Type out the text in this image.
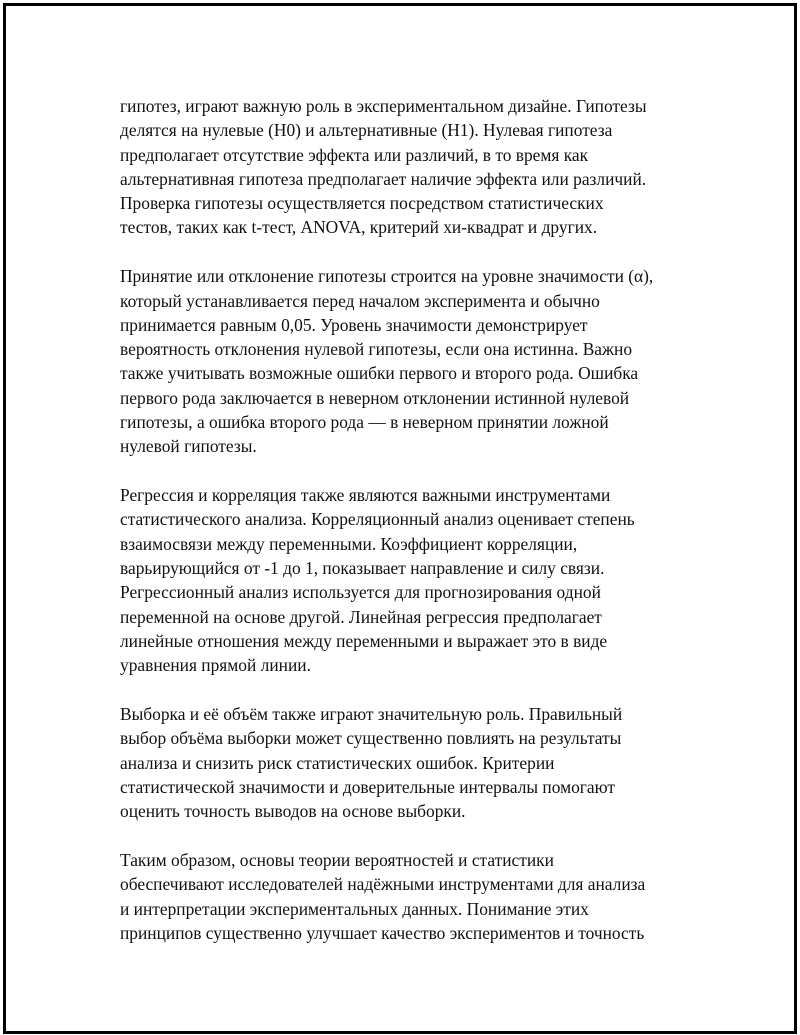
гипотез, играют важную роль в экспериментальном дизайне. Гипотезы
делятся на нулевые (H0) и альтернативные (H1). Нулевая гипотеза
предполагает отсутствие эффекта или различий, в то время как
альтернативная гипотеза предполагает наличие эффекта или различий.
Проверка гипотезы осуществляется посредством статистических
тестов, таких как t-тест, ANOVA, критерий хи-квадрат и других.

Принятие или отклонение гипотезы строится на уровне значимости (α),
который устанавливается перед началом эксперимента и обычно
принимается равным 0,05. Уровень значимости демонстрирует
вероятность отклонения нулевой гипотезы, если она истинна. Важно
также учитывать возможные ошибки первого и второго рода. Ошибка
первого рода заключается в неверном отклонении истинной нулевой
гипотезы, а ошибка второго рода — в неверном принятии ложной
нулевой гипотезы.

Регрессия и корреляция также являются важными инструментами
статистического анализа. Корреляционный анализ оценивает степень
взаимосвязи между переменными. Коэффициент корреляции,
варьирующийся от -1 до 1, показывает направление и силу связи.
Регрессионный анализ используется для прогнозирования одной
переменной на основе другой. Линейная регрессия предполагает
линейные отношения между переменными и выражает это в виде
уравнения прямой линии.

Выборка и её объём также играют значительную роль. Правильный
выбор объёма выборки может существенно повлиять на результаты
анализа и снизить риск статистических ошибок. Критерии
статистической значимости и доверительные интервалы помогают
оценить точность выводов на основе выборки.

Таким образом, основы теории вероятностей и статистики
обеспечивают исследователей надёжными инструментами для анализа
и интерпретации экспериментальных данных. Понимание этих
принципов существенно улучшает качество экспериментов и точность
